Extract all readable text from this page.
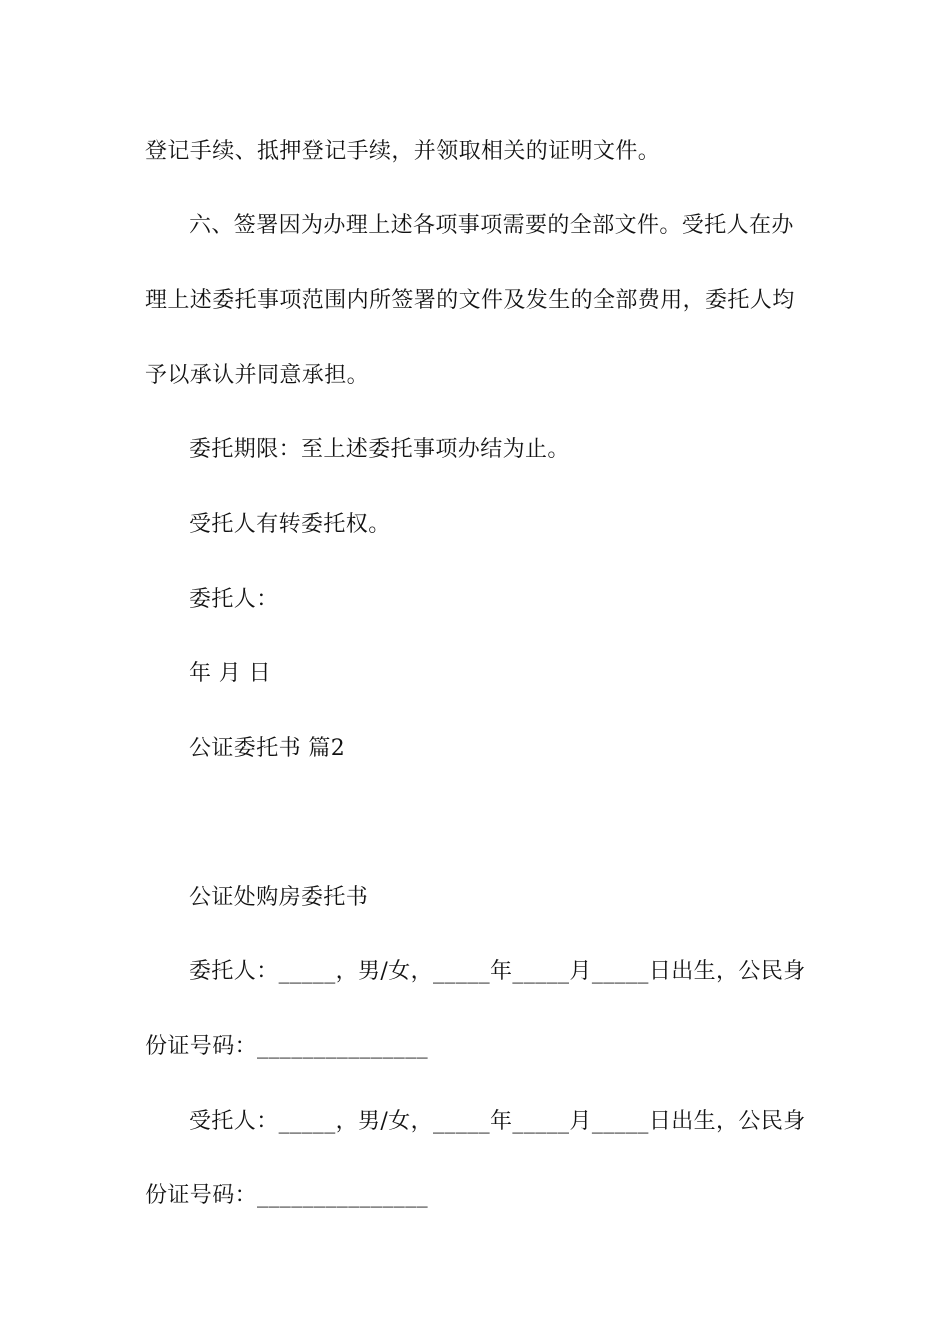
登记手续、抵押登记手续，并领取相关的证明文件。
六、签署因为办理上述各项事项需要的全部文件。受托人在办
理上述委托事项范围内所签署的文件及发生的全部费用，委托人均
予以承认并同意承担。
委托期限：至上述委托事项办结为止。
受托人有转委托权。
委托人：
年 月 日
公证委托书 篇2
公证处购房委托书
委托人：_____，男/女，_____年_____月_____日出生，公民身
份证号码：_______________
受托人：_____，男/女，_____年_____月_____日出生，公民身
份证号码：_______________
